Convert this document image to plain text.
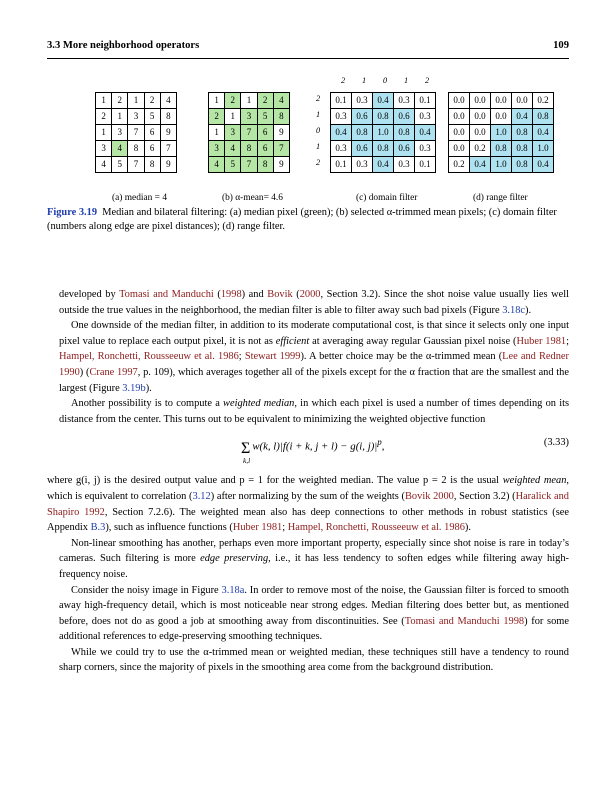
3.3 More neighborhood operators	109
1	2	1	2	4
2	1	3	5	8
1	3	7	6	9
3	4	8	6	7
4	5	7	8	9
1	2	1	2	4
2	1	3	5	8
1	3	7	6	9
3	4	8	6	7
4	5	7	8	9
2 1 0 1 2
2
1
0
1
2
0.1	0.3	0.4	0.3	0.1
0.3	0.6	0.8	0.6	0.3
0.4	0.8	1.0	0.8	0.4
0.3	0.6	0.8	0.6	0.3
0.1	0.3	0.4	0.3	0.1
0.0	0.0	0.0	0.0	0.2
0.0	0.0	0.0	0.4	0.8
0.0	0.0	1.0	0.8	0.4
0.0	0.2	0.8	0.8	1.0
0.2	0.4	1.0	0.8	0.4
(a) median = 4	(b) α-mean= 4.6	(c) domain filter	(d) range filter
Figure 3.19 Median and bilateral filtering: (a) median pixel (green); (b) selected α-trimmed mean pixels; (c) domain filter (numbers along edge are pixel distances); (d) range filter.

developed by Tomasi and Manduchi (1998) and Bovik (2000, Section 3.2). Since the shot noise value usually lies well outside the true values in the neighborhood, the median filter is able to filter away such bad pixels (Figure 3.18c).

One downside of the median filter, in addition to its moderate computational cost, is that since it selects only one input pixel value to replace each output pixel, it is not as efficient at averaging away regular Gaussian pixel noise (Huber 1981; Hampel, Ronchetti, Rousseeuw et al. 1986; Stewart 1999). A better choice may be the α-trimmed mean (Lee and Redner 1990) (Crane 1997, p. 109), which averages together all of the pixels except for the α fraction that are the smallest and the largest (Figure 3.19b).

Another possibility is to compute a weighted median, in which each pixel is used a number of times depending on its distance from the center. This turns out to be equivalent to minimizing the weighted objective function

Σ w(k, l)|f(i + k, j + l) − g(i, $j)|^p$,
k,l
(3.33)

where g(i, j) is the desired output value and p = 1 for the weighted median. The value p = 2 is the usual weighted mean, which is equivalent to correlation (3.12) after normalizing by the sum of the weights (Bovik 2000, Section 3.2) (Haralick and Shapiro 1992, Section 7.2.6). The weighted mean also has deep connections to other methods in robust statistics (see Appendix B.3), such as influence functions (Huber 1981; Hampel, Ronchetti, Rousseeuw et al. 1986).

Non-linear smoothing has another, perhaps even more important property, especially since shot noise is rare in today’s cameras. Such filtering is more edge preserving, i.e., it has less tendency to soften edges while filtering away high-frequency noise.

Consider the noisy image in Figure 3.18a. In order to remove most of the noise, the Gaussian filter is forced to smooth away high-frequency detail, which is most noticeable near strong edges. Median filtering does better but, as mentioned before, does not do as good a job at smoothing away from discontinuities. See (Tomasi and Manduchi 1998) for some additional references to edge-preserving smoothing techniques.

While we could try to use the α-trimmed mean or weighted median, these techniques still have a tendency to round sharp corners, since the majority of pixels in the smoothing area come from the background distribution.
